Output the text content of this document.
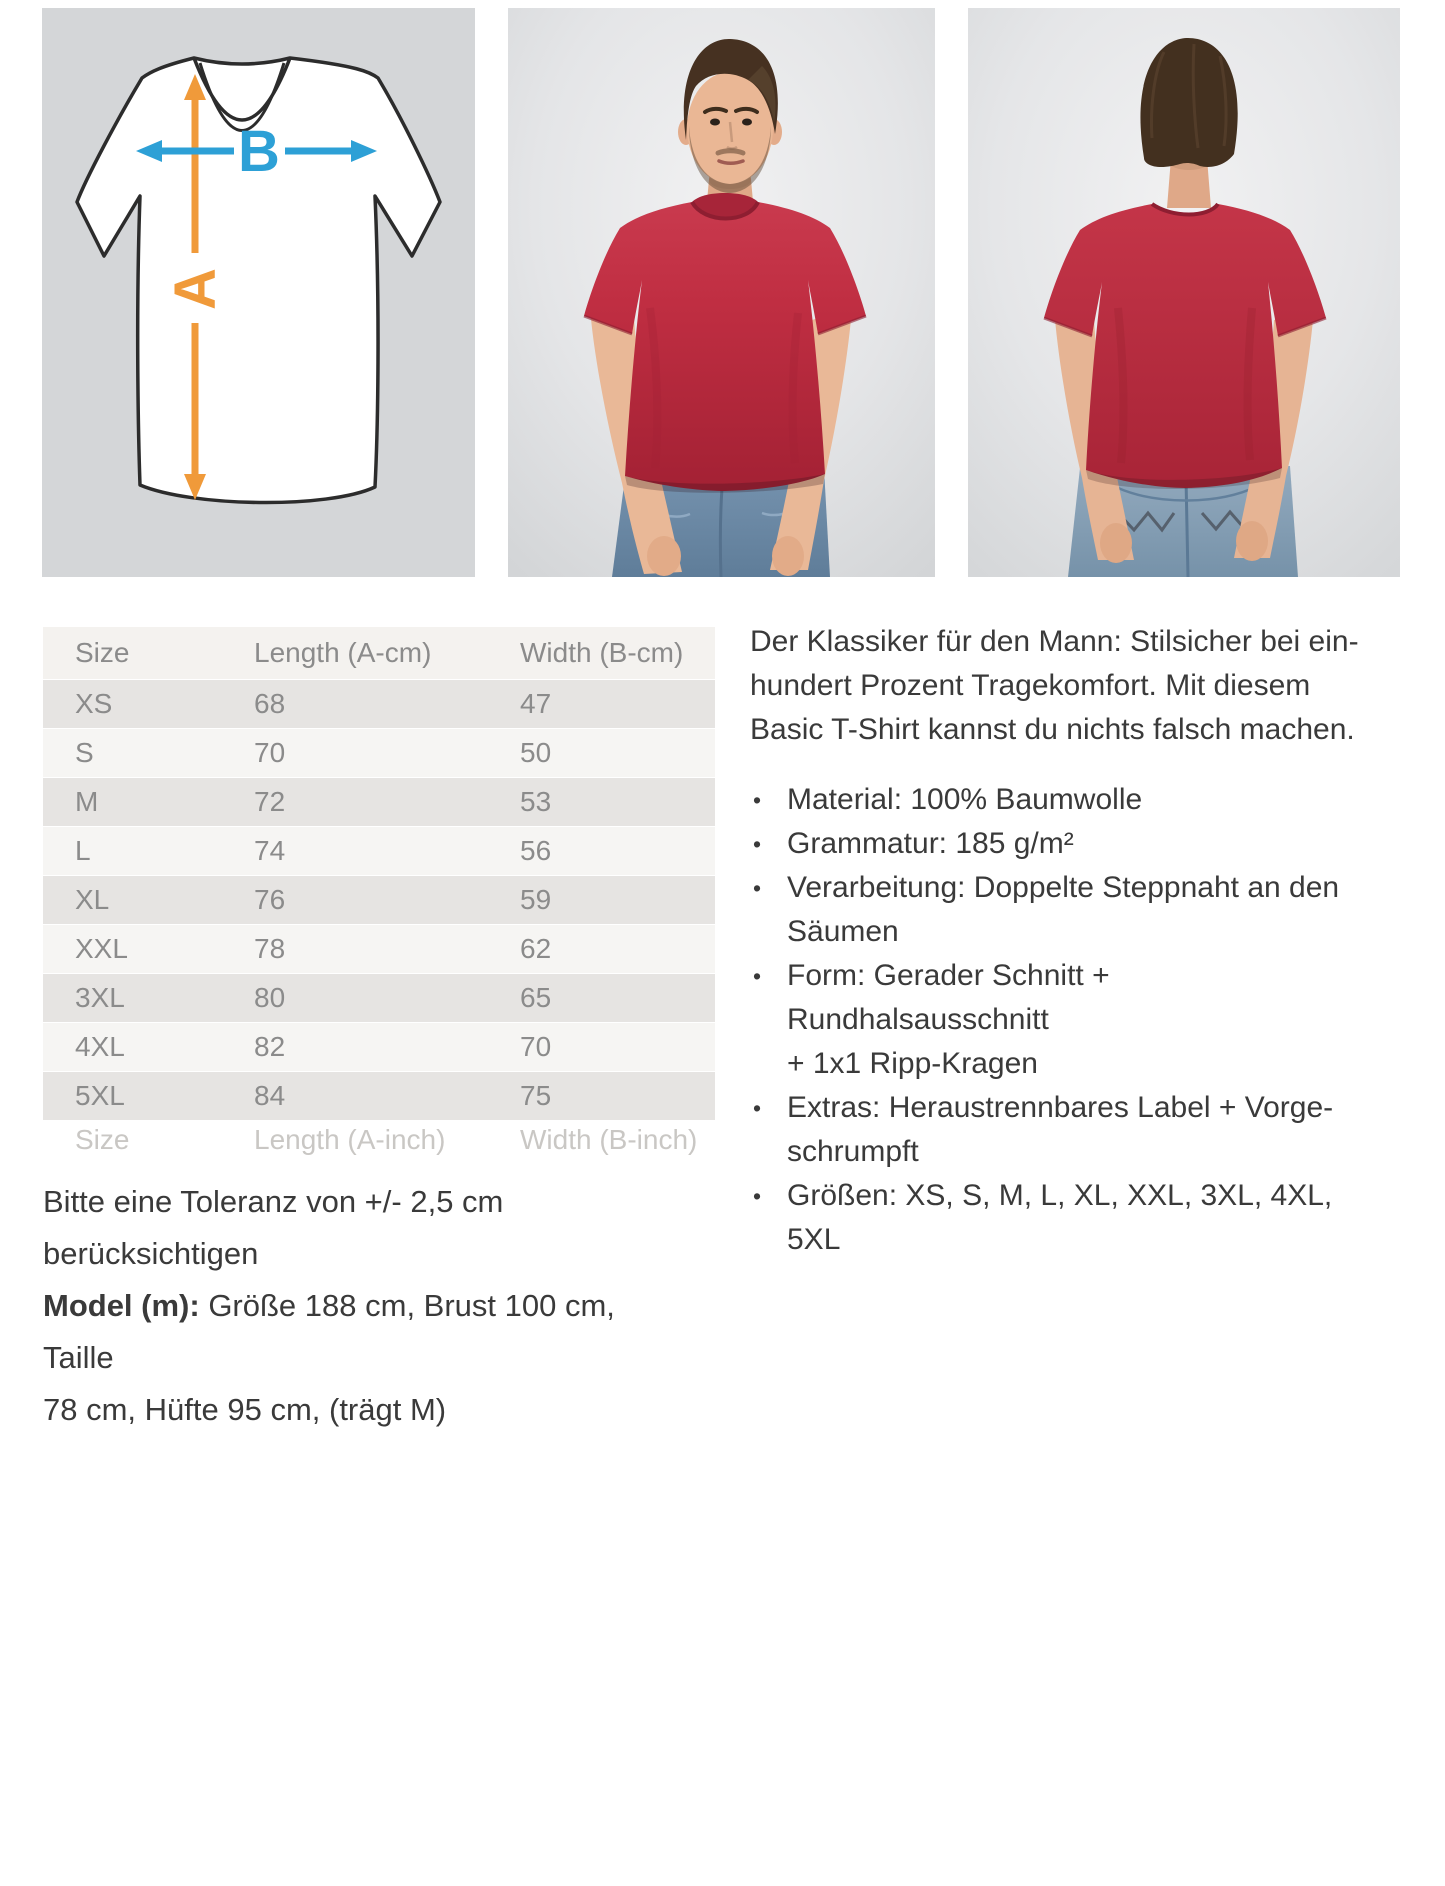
A
B
Size	Length (A-cm)	Width (B-cm)
XS	68	47
S	70	50
M	72	53
L	74	56
XL	76	59
XXL	78	62
3XL	80	65
4XL	82	70
5XL	84	75
Size	Length (A-inch)	Width (B-inch)
Der Klassiker für den Mann: Stilsicher bei ein-
hundert Prozent Tragekomfort. Mit diesem
Basic T-Shirt kannst du nichts falsch machen.
• Material: 100% Baumwolle
• Grammatur: 185 g/m²
• Verarbeitung: Doppelte Steppnaht an den
Säumen
• Form: Gerader Schnitt + Rundhalsausschnitt
+ 1x1 Ripp-Kragen
• Extras: Heraustrennbares Label + Vorge-
schrumpft
• Größen: XS, S, M, L, XL, XXL, 3XL, 4XL, 5XL
Bitte eine Toleranz von +/- 2,5 cm berücksichtigen
Model (m): Größe 188 cm, Brust 100 cm, Taille
78 cm, Hüfte 95 cm, (trägt M)
